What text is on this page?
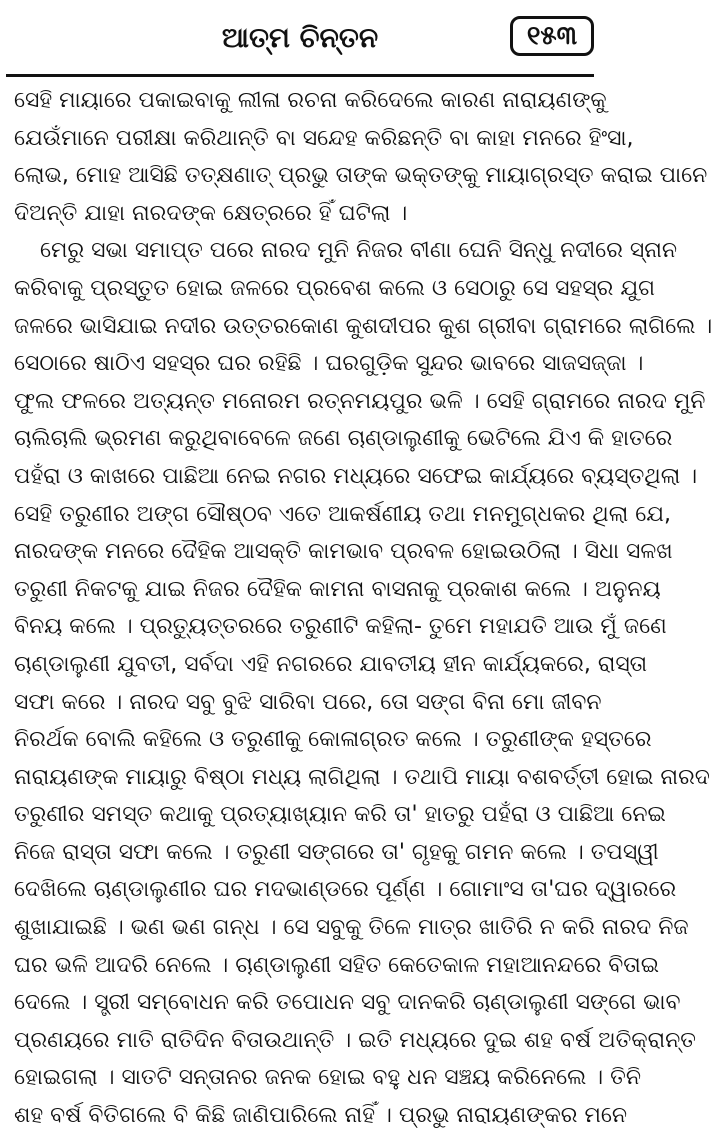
ଆତ୍ମ ଚିନ୍ତନ	୧୫୩
ସେହି ମାୟାରେ ପକାଇବାକୁ ଲୀଳା ରଚନା କରିଦେଲେ କାରଣ ନାରାୟଣଙ୍କୁ
ଯେଉଁମାନେ ପରୀକ୍ଷା କରିଥାନ୍ତି ବା ସନ୍ଦେହ କରିଛନ୍ତି ବା କାହା ମନରେ ହିଂସା,
ଲୋଭ, ମୋହ ଆସିଛି ତତ୍‌କ୍ଷଣାତ୍ ପ୍ରଭୁ ତାଙ୍କ ଭକ୍ତଙ୍କୁ ମାୟାଗ୍ରସ୍ତ କରାଇ ପାନେ
ଦିଅନ୍ତି ଯାହା ନାରଦଙ୍କ କ୍ଷେତ୍ରରେ ହିଁ ଘଟିଲା ।
ମେରୁ ସଭା ସମାପ୍ତ ପରେ ନାରଦ ମୁନି ନିଜର ବୀଣା ଘେନି ସିନ୍ଧୁ ନଦୀରେ ସ୍ନାନ
କରିବାକୁ ପ୍ରସ୍ତୁତ ହୋଇ ଜଳରେ ପ୍ରବେଶ କଲେ ଓ ସେଠାରୁ ସେ ସହସ୍ର ଯୁଗ
ଜଳରେ ଭାସିଯାଇ ନଦୀର ଉତ୍ତରକୋଣ କୁଶଦୀପର କୁଶ ଗ୍ରୀବା ଗ୍ରାମରେ ଲାଗିଲେ ।
ସେଠାରେ ଷାଠିଏ ସହସ୍ର ଘର ରହିଛି । ଘରଗୁଡ଼ିକ ସୁନ୍ଦର ଭାବରେ ସାଜସଜ୍ଜା ।
ଫୁଲ ଫଳରେ ଅତ୍ୟନ୍ତ ମନୋରମ ରତ୍ନମୟପୁର ଭଳି । ସେହି ଗ୍ରାମରେ ନାରଦ ମୁନି
ଚାଲିଚାଲି ଭ୍ରମଣ କରୁଥିବାବେଳେ ଜଣେ ଚାଣ୍ଡାଲୁଣୀକୁ ଭେଟିଲେ ଯିଏ କି ହାତରେ
ପହଁରା ଓ କାଖରେ ପାଛିଆ ନେଇ ନଗର ମଧ୍ୟରେ ସଫେଇ କାର୍ଯ୍ୟରେ ବ୍ୟସ୍ତଥିଲା ।
ସେହି ତରୁଣୀର ଅଙ୍ଗ ସୌଷ୍ଠବ ଏତେ ଆକର୍ଷଣୀୟ ତଥା ମନମୁଗ୍ଧକର ଥିଲା ଯେ,
ନାରଦଙ୍କ ମନରେ ଦୈହିକ ଆସକ୍ତି କାମଭାବ ପ୍ରବଳ ହୋଇଉଠିଲା । ସିଧା ସଳଖ
ତରୁଣୀ ନିକଟକୁ ଯାଇ ନିଜର ଦୈହିକ କାମନା ବାସନାକୁ ପ୍ରକାଶ କଲେ । ଅନୁନୟ
ବିନୟ କଲେ । ପ୍ରତ୍ୟୁତ୍ତରରେ ତରୁଣୀଟି କହିଲା- ତୁମେ ମହାଯତି ଆଉ ମୁଁ ଜଣେ
ଚାଣ୍ଡାଲୁଣୀ ଯୁବତୀ, ସର୍ବଦା ଏହି ନଗରରେ ଯାବତୀୟ ହୀନ କାର୍ଯ୍ୟକରେ, ରାସ୍ତା
ସଫା କରେ । ନାରଦ ସବୁ ବୁଝି ସାରିବା ପରେ, ତୋ ସଙ୍ଗ ବିନା ମୋ ଜୀବନ
ନିରର୍ଥକ ବୋଲି କହିଲେ ଓ ତରୁଣୀକୁ କୋଳାଗ୍ରତ କଲେ । ତରୁଣୀଙ୍କ ହସ୍ତରେ
ନାରାୟଣଙ୍କ ମାୟାରୁ ବିଷ୍ଠା ମଧ୍ୟ ଲାଗିଥିଲା । ତଥାପି ମାୟା ବଶବର୍ତ୍ତୀ ହୋଇ ନାରଦ
ତରୁଣୀର ସମସ୍ତ କଥାକୁ ପ୍ରତ୍ୟାଖ୍ୟାନ କରି ତା' ହାତରୁ ପହଁରା ଓ ପାଛିଆ ନେଇ
ନିଜେ ରାସ୍ତା ସଫା କଲେ । ତରୁଣୀ ସଙ୍ଗରେ ତା' ଗୃହକୁ ଗମନ କଲେ । ତପସ୍ୱୀ
ଦେଖିଲେ ଚାଣ୍ଡାଲୁଣୀର ଘର ମଦଭାଣ୍ଡରେ ପୂର୍ଣ୍ଣ । ଗୋମାଂସ ତା'ଘର ଦ୍ୱାରରେ
ଶୁଖାଯାଇଛି । ଭଣ ଭଣ ଗନ୍ଧ । ସେ ସବୁକୁ ତିଳେ ମାତ୍ର ଖାତିରି ନ କରି ନାରଦ ନିଜ
ଘର ଭଳି ଆଦରି ନେଲେ । ଚାଣ୍ଡାଲୁଣୀ ସହିତ କେତେକାଳ ମହାଆନନ୍ଦରେ ବିତାଇ
ଦେଲେ । ସ୍ତ୍ରୀ ସମ୍ବୋଧନ କରି ତପୋଧନ ସବୁ ଦାନକରି ଚାଣ୍ଡାଲୁଣୀ ସଙ୍ଗେ ଭାବ
ପ୍ରଣୟରେ ମାତି ରାତିଦିନ ବିତାଉଥାନ୍ତି । ଇତି ମଧ୍ୟରେ ଦୁଇ ଶହ ବର୍ଷ ଅତିକ୍ରାନ୍ତ
ହୋଇଗଲା । ସାତଟି ସନ୍ତାନର ଜନକ ହୋଇ ବହୁ ଧନ ସଞ୍ଚୟ କରିନେଲେ । ତିନି
ଶହ ବର୍ଷ ବିତିଗଲେ ବି କିଛି ଜାଣିପାରିଲେ ନାହିଁ । ପ୍ରଭୁ ନାରାୟଣଙ୍କର ମନେ
